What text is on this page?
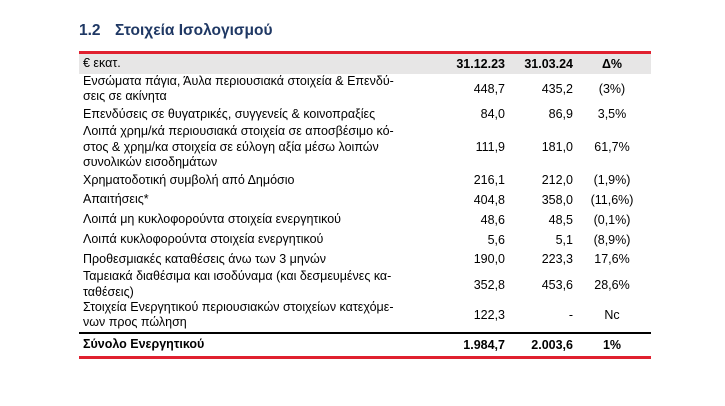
1.2 Στοιχεία Ισολογισμού
€ εκατ.	31.12.23	31.03.24	Δ%
Ενσώματα πάγια, Άυλα περιουσιακά στοιχεία & Επενδύ-
σεις σε ακίνητα	448,7	435,2	(3%)
Επενδύσεις σε θυγατρικές, συγγενείς & κοινοπραξίες	84,0	86,9	3,5%
Λοιπά χρημ/κά περιουσιακά στοιχεία σε αποσβέσιμο κό-
στος & χρημ/κα στοιχεία σε εύλογη αξία μέσω λοιπών
συνολικών εισοδημάτων
111,9	181,0	61,7%
Χρηματοδοτική συμβολή από Δημόσιο	216,1	212,0	(1,9%)
Απαιτήσεις*	404,8	358,0	(11,6%)
Λοιπά μη κυκλοφορούντα στοιχεία ενεργητικού	48,6	48,5	(0,1%)
Λοιπά κυκλοφορούντα στοιχεία ενεργητικού	5,6	5,1	(8,9%)
Προθεσμιακές καταθέσεις άνω των 3 μηνών	190,0	223,3	17,6%
Ταμειακά διαθέσιμα και ισοδύναμα (και δεσμευμένες κα-
ταθέσεις)	352,8	453,6	28,6%
Στοιχεία Ενεργητικού περιουσιακών στοιχείων κατεχόμε-
νων προς πώληση	122,3	-	Nc
Σύνολο Ενεργητικού	1.984,7	2.003,6	1%
